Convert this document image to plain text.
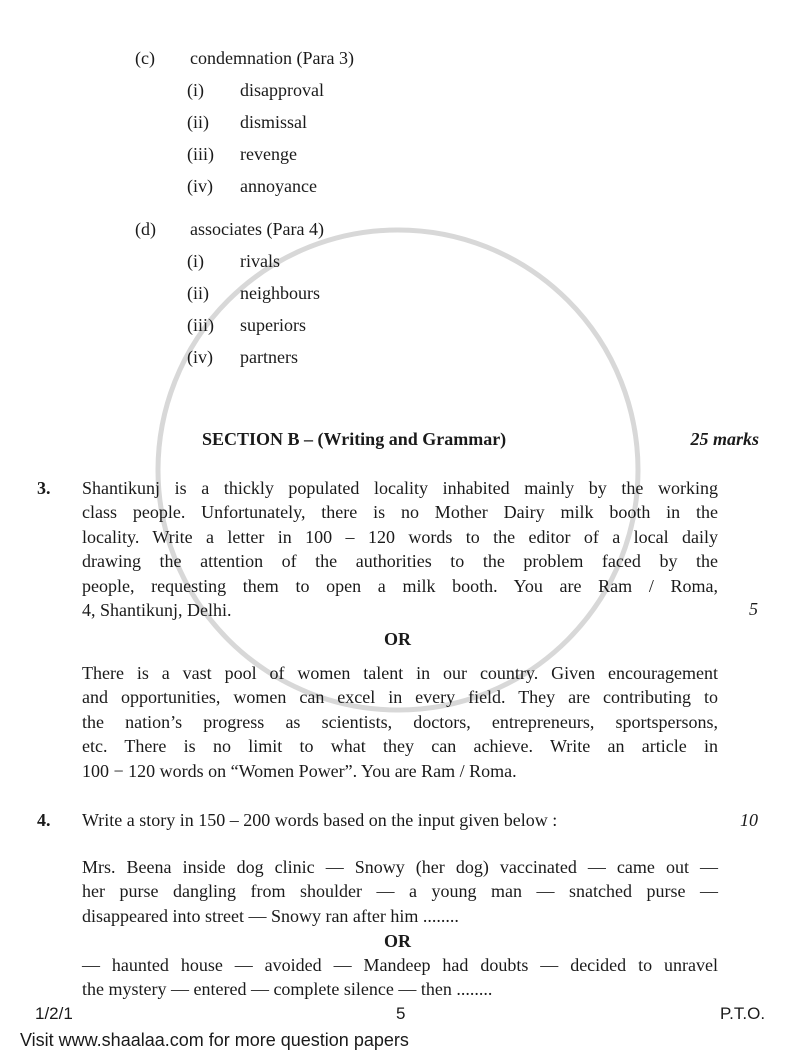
(c) condemnation (Para 3)
(i) disapproval
(ii) dismissal
(iii) revenge
(iv) annoyance
(d) associates (Para 4)
(i) rivals
(ii) neighbours
(iii) superiors
(iv) partners
SECTION B – (Writing and Grammar)	25 marks
3. Shantikunj is a thickly populated locality inhabited mainly by the working
class people. Unfortunately, there is no Mother Dairy milk booth in the
locality. Write a letter in 100 – 120 words to the editor of a local daily
drawing the attention of the authorities to the problem faced by the
people, requesting them to open a milk booth. You are Ram / Roma,
4, Shantikunj, Delhi.	5
OR
There is a vast pool of women talent in our country. Given encouragement
and opportunities, women can excel in every field. They are contributing to
the nation’s progress as scientists, doctors, entrepreneurs, sportspersons,
etc. There is no limit to what they can achieve. Write an article in
100 − 120 words on “Women Power”. You are Ram / Roma.
4. Write a story in 150 – 200 words based on the input given below :	10
Mrs. Beena inside dog clinic — Snowy (her dog) vaccinated — came out —
her purse dangling from shoulder — a young man — snatched purse —
disappeared into street — Snowy ran after him ........
OR
— haunted house — avoided — Mandeep had doubts — decided to unravel
the mystery — entered — complete silence — then ........
1/2/1	5	P.T.O.
Visit www.shaalaa.com for more question papers
